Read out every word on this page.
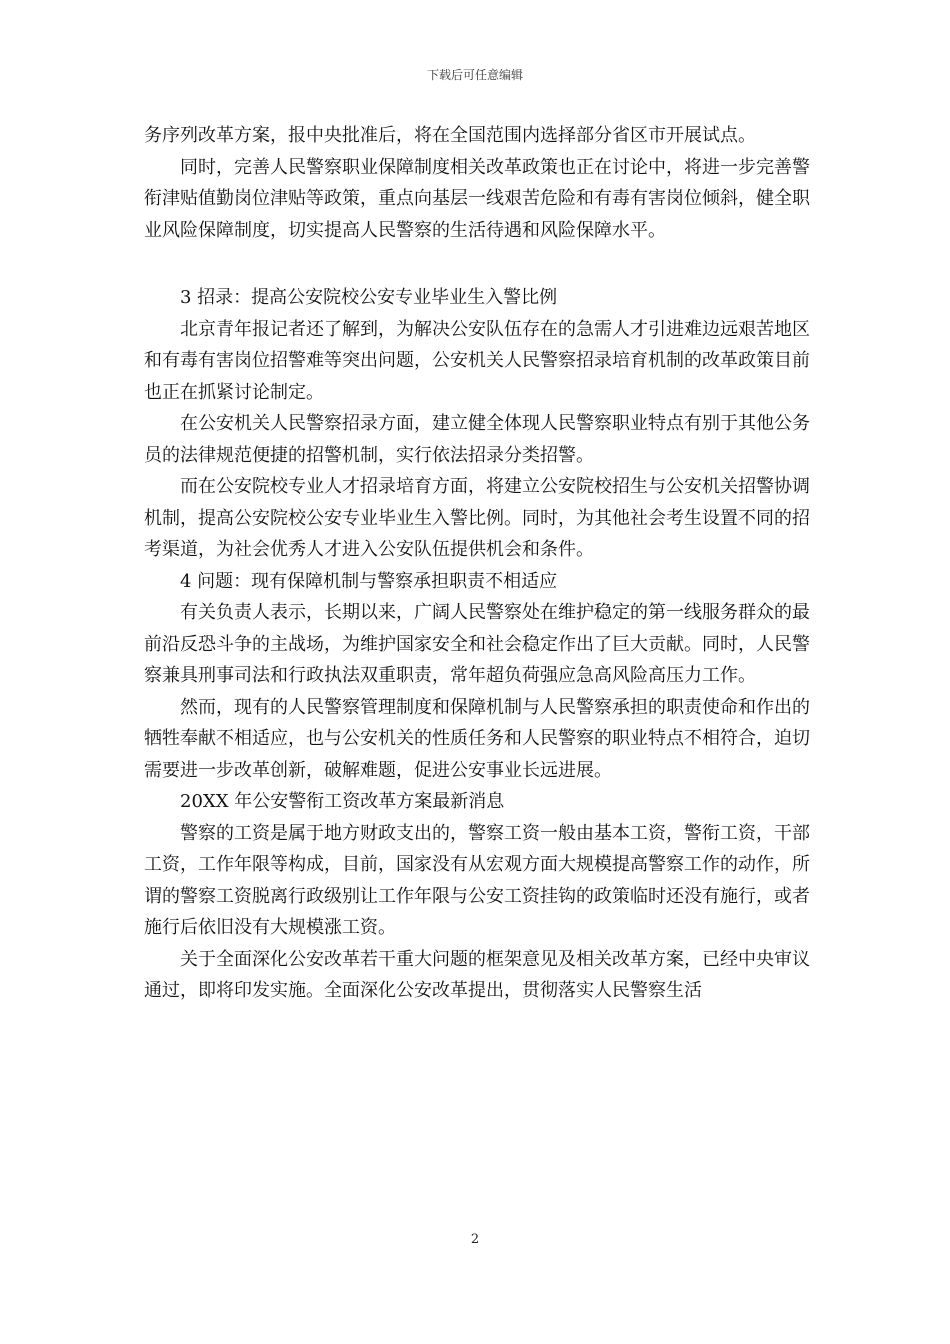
下载后可任意编辑

务序列改革方案，报中央批准后，将在全国范围内选择部分省区市开展试点。

同时，完善人民警察职业保障制度相关改革政策也正在讨论中，将进一步完善警衔津贴值勤岗位津贴等政策，重点向基层一线艰苦危险和有毒有害岗位倾斜，健全职业风险保障制度，切实提高人民警察的生活待遇和风险保障水平。

3 招录：提高公安院校公安专业毕业生入警比例

北京青年报记者还了解到，为解决公安队伍存在的急需人才引进难边远艰苦地区和有毒有害岗位招警难等突出问题，公安机关人民警察招录培育机制的改革政策目前也正在抓紧讨论制定。

在公安机关人民警察招录方面，建立健全体现人民警察职业特点有别于其他公务员的法律规范便捷的招警机制，实行依法招录分类招警。

而在公安院校专业人才招录培育方面，将建立公安院校招生与公安机关招警协调机制，提高公安院校公安专业毕业生入警比例。同时，为其他社会考生设置不同的招考渠道，为社会优秀人才进入公安队伍提供机会和条件。

4 问题：现有保障机制与警察承担职责不相适应

有关负责人表示，长期以来，广阔人民警察处在维护稳定的第一线服务群众的最前沿反恐斗争的主战场，为维护国家安全和社会稳定作出了巨大贡献。同时，人民警察兼具刑事司法和行政执法双重职责，常年超负荷强应急高风险高压力工作。

然而，现有的人民警察管理制度和保障机制与人民警察承担的职责使命和作出的牺牲奉献不相适应，也与公安机关的性质任务和人民警察的职业特点不相符合，迫切需要进一步改革创新，破解难题，促进公安事业长远进展。

20XX 年公安警衔工资改革方案最新消息

警察的工资是属于地方财政支出的，警察工资一般由基本工资，警衔工资，干部工资，工作年限等构成，目前，国家没有从宏观方面大规模提高警察工作的动作，所谓的警察工资脱离行政级别让工作年限与公安工资挂钩的政策临时还没有施行，或者施行后依旧没有大规模涨工资。

关于全面深化公安改革若干重大问题的框架意见及相关改革方案，已经中央审议通过，即将印发实施。全面深化公安改革提出，贯彻落实人民警察生活

2
